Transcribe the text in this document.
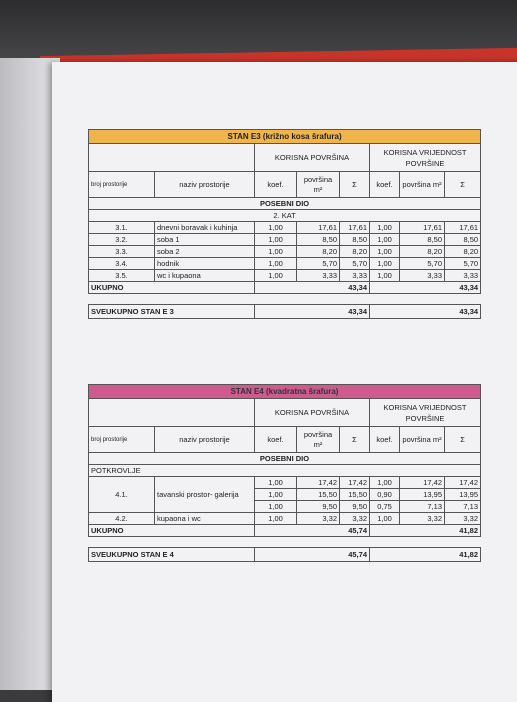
STAN E3 (križno kosa šrafura)							
		KORISNA POVRŠINA			KORISNA VRIJEDNOST POVRŠINE		
broj prostorije	naziv prostorije	koef.	površina m²	Σ	koef.	površina m²	Σ
POSEBNI DIO							
2. KAT							
3.1.	dnevni boravak i kuhinja	1,00	17,61	17,61	1,00	17,61	17,61
3.2.	soba 1	1,00	8,50	8,50	1,00	8,50	8,50
3.3.	soba 2	1,00	8,20	8,20	1,00	8,20	8,20
3.4.	hodnik	1,00	5,70	5,70	1,00	5,70	5,70
3.5.	wc i kupaona	1,00	3,33	3,33	1,00	3,33	3,33
UKUPNO		43,34			43,34		

SVEUKUPNO STAN E 3		43,34			43,34		
STAN E4 (kvadratna šrafura)							
		KORISNA POVRŠINA			KORISNA VRIJEDNOST POVRŠINE		
broj prostorije	naziv prostorije	koef.	površina m²	Σ	koef.	površina m²	Σ
POSEBNI DIO							
POTKROVLJE							
		1,00	17,42	17,42	1,00	17,42	17,42
4.1.	tavanski prostor- galerija	1,00	15,50	15,50	0,90	13,95	13,95
		1,00	9,50	9,50	0,75	7,13	7,13
4.2.	kupaona i wc	1,00	3,32	3,32	1,00	3,32	3,32
UKUPNO		45,74			41,82		

SVEUKUPNO STAN E 4		45,74			41,82		
